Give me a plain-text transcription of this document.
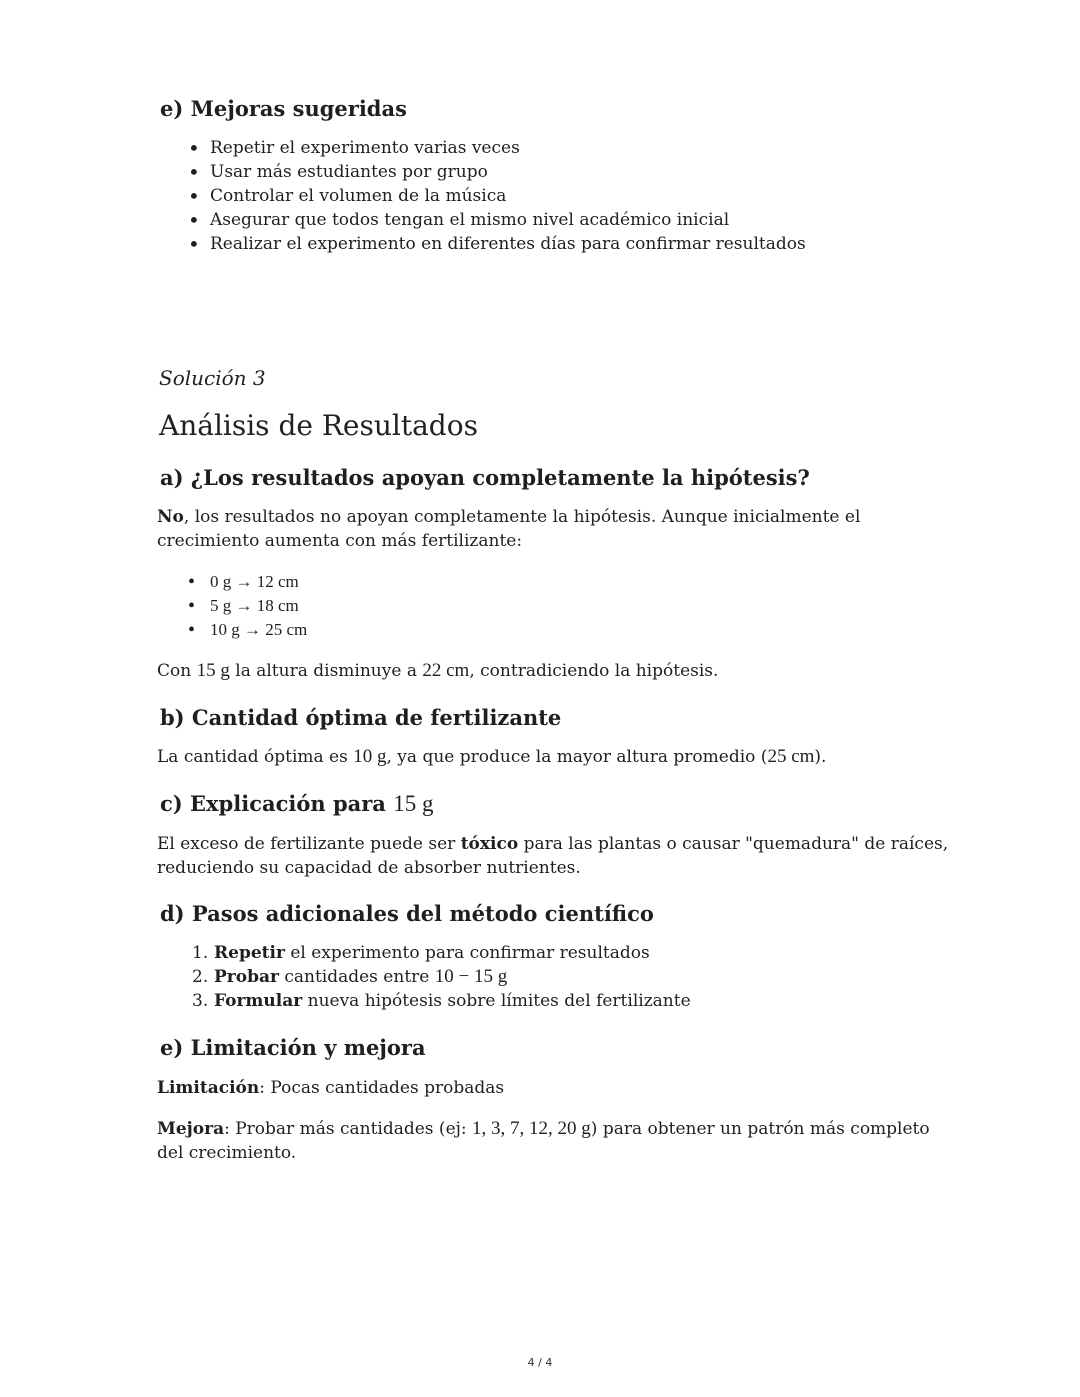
e) Mejoras sugeridas
• Repetir el experimento varias veces
• Usar más estudiantes por grupo
• Controlar el volumen de la música
• Asegurar que todos tengan el mismo nivel académico inicial
• Realizar el experimento en diferentes días para confirmar resultados
Solución 3
Análisis de Resultados
a) ¿Los resultados apoyan completamente la hipótesis?
No, los resultados no apoyan completamente la hipótesis. Aunque inicialmente el
crecimiento aumenta con más fertilizante:
• 0 g → 12 cm
• 5 g → 18 cm
• 10 g → 25 cm
Con 15 g la altura disminuye a 22 cm, contradiciendo la hipótesis.
b) Cantidad óptima de fertilizante
La cantidad óptima es 10 g, ya que produce la mayor altura promedio (25 cm).
c) Explicación para 15 g
El exceso de fertilizante puede ser tóxico para las plantas o causar "quemadura" de raíces,
reduciendo su capacidad de absorber nutrientes.
d) Pasos adicionales del método científico
1. Repetir el experimento para confirmar resultados
2. Probar cantidades entre 10 − 15 g
3. Formular nueva hipótesis sobre límites del fertilizante
e) Limitación y mejora
Limitación: Pocas cantidades probadas
Mejora: Probar más cantidades (ej: 1, 3, 7, 12, 20 g) para obtener un patrón más completo
del crecimiento.
4 / 4
